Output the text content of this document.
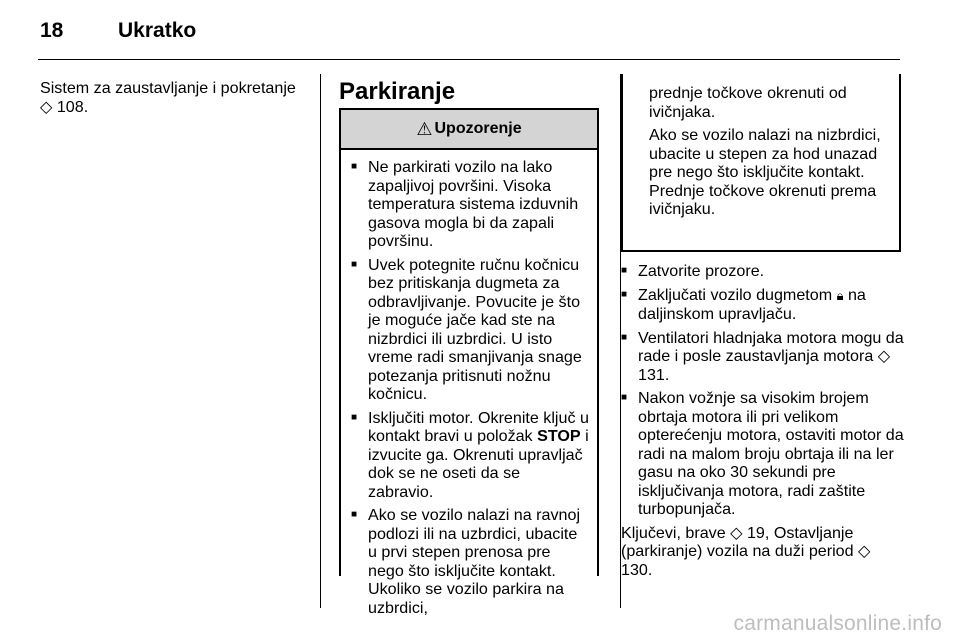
18	Ukratko

Sistem za zaustavljanje i pokretanje
◇ 108.

Parkiranje
⚠ Upozorenje
■ Ne parkirati vozilo na lako zapaljivoj površini. Visoka temperatura sistema izduvnih gasova mogla bi da zapali površinu.
■ Uvek potegnite ručnu kočnicu bez pritiskanja dugmeta za odbravljivanje. Povucite je što je moguće jače kad ste na nizbrdici ili uzbrdici. U isto vreme radi smanjivanja snage potezanja pritisnuti nožnu kočnicu.
■ Isključiti motor. Okrenite ključ u kontakt bravi u položak STOP i izvucite ga. Okrenuti upravljač dok se ne oseti da se zabravio.
■ Ako se vozilo nalazi na ravnoj podlozi ili na uzbrdici, ubacite u prvi stepen prenosa pre nego što isključite kontakt. Ukoliko se vozilo parkira na uzbrdici,

prednje točkove okrenuti od ivičnjaka.

Ako se vozilo nalazi na nizbrdici, ubacite u stepen za hod unazad pre nego što isključite kontakt. Prednje točkove okrenuti prema ivičnjaku.

■ Zatvorite prozore.
■ Zaključati vozilo dugmetom 🔒︎ na daljinskom upravljaču.
■ Ventilatori hladnjaka motora mogu da rade i posle zaustavljanja motora ◇ 131.
■ Nakon vožnje sa visokim brojem obrtaja motora ili pri velikom opterećenju motora, ostaviti motor da radi na malom broju obrtaja ili na ler gasu na oko 30 sekundi pre isključivanja motora, radi zaštite turbopunjača.

Ključevi, brave ◇ 19, Ostavljanje (parkiranje) vozila na duži period ◇ 130.

carmanualsonline.info
